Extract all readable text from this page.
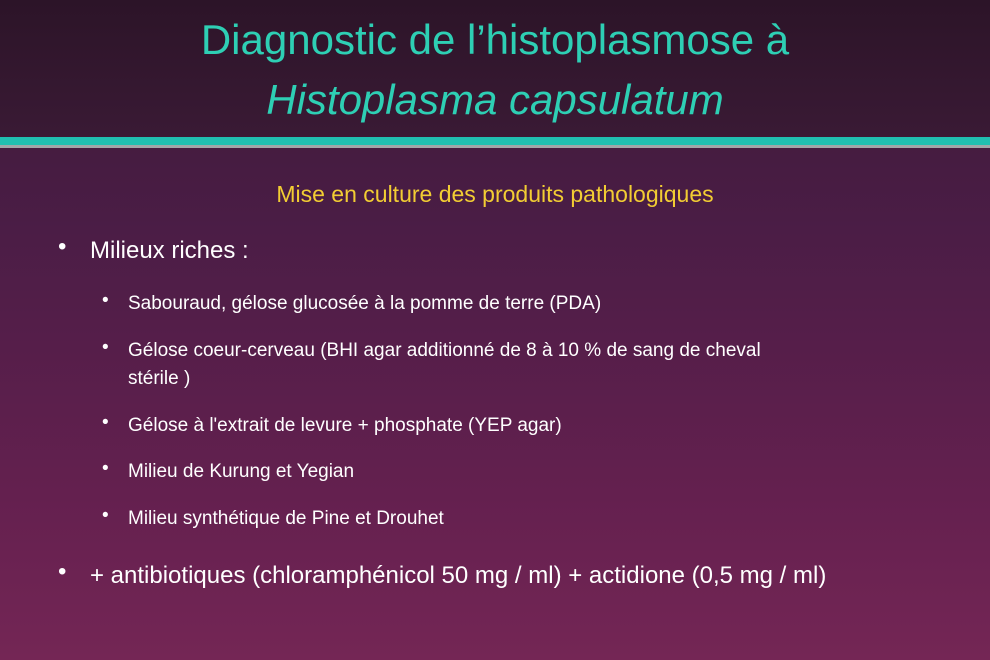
Diagnostic de l’histoplasmose à
Histoplasma capsulatum
Mise en culture des produits pathologiques
• Milieux riches :
• Sabouraud, gélose glucosée à la pomme de terre (PDA)
• Gélose coeur-cerveau (BHI agar additionné de 8 à 10 % de sang de cheval
stérile )
• Gélose à l'extrait de levure + phosphate (YEP agar)
• Milieu de Kurung et Yegian
• Milieu synthétique de Pine et Drouhet
• + antibiotiques (chloramphénicol 50 mg / ml) + actidione (0,5 mg / ml)
